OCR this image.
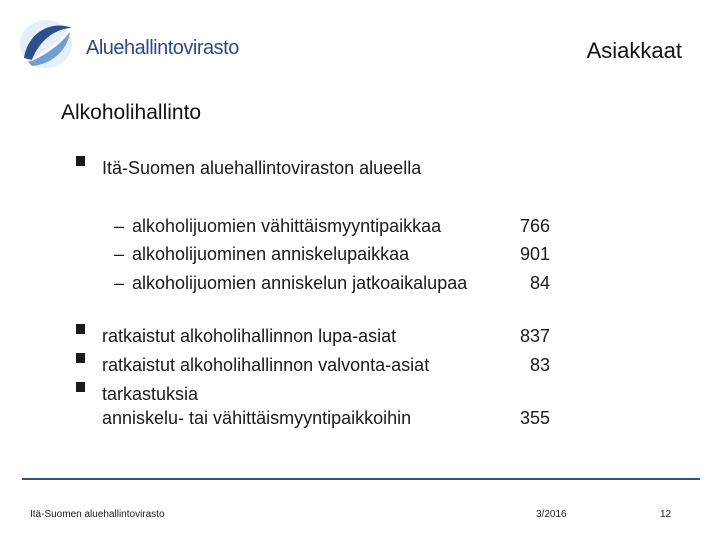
Aluehallintovirasto	Asiakkaat
Alkoholihallinto
Itä-Suomen aluehallintoviraston alueella
– alkoholijuomien vähittäismyyntipaikkaa	766
– alkoholijuominen anniskelupaikkaa	901
– alkoholijuomien anniskelun jatkoaikalupaa	84
ratkaistut alkoholihallinnon lupa-asiat	837
ratkaistut alkoholihallinnon valvonta-asiat	83
tarkastuksia
anniskelu- tai vähittäismyyntipaikkoihin	355
Itä-Suomen aluehallintovirasto	3/2016	12
